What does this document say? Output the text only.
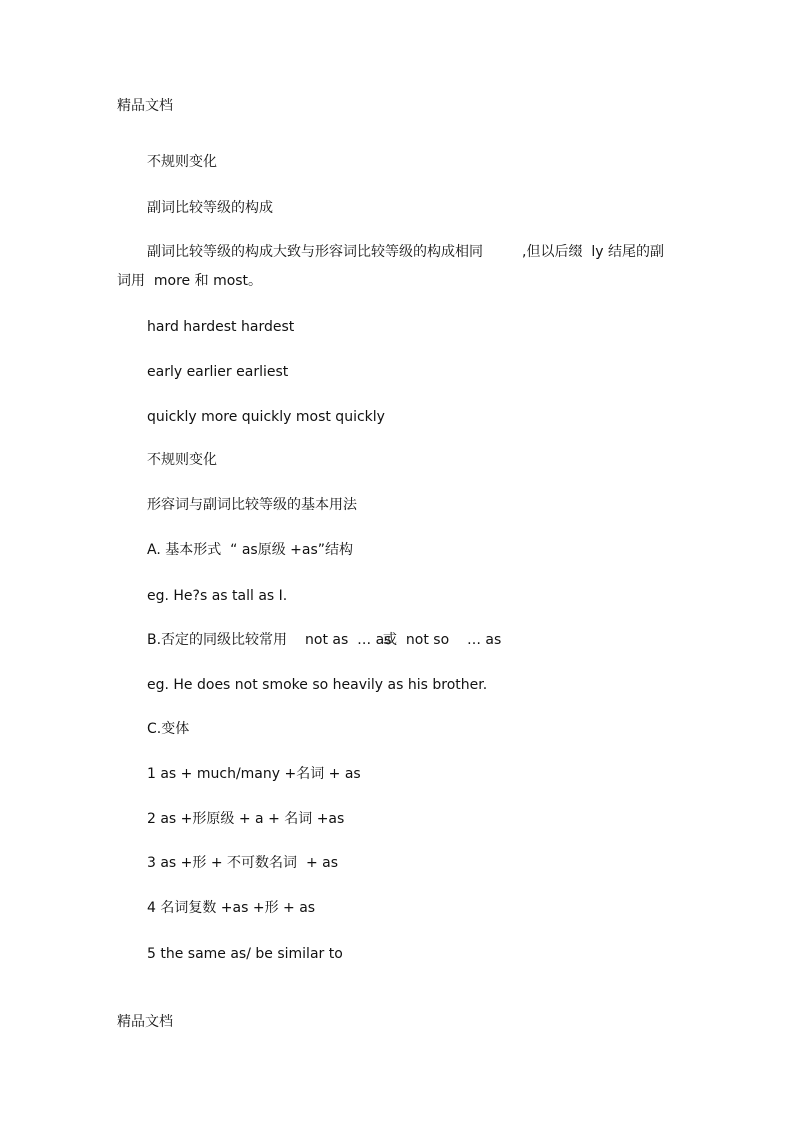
精品文档
不规则变化
副词比较等级的构成
副词比较等级的构成大致与形容词比较等级的构成相同	,但以后缀  ly 结尾的副
词用  more 和 most。
hard hardest hardest
early earlier earliest
quickly more quickly most quickly
不规则变化
形容词与副词比较等级的基本用法
A. 基本形式  “ as原级 +as”结构
eg. He?s as tall as I.
B.否定的同级比较常用 not as  … as
或  not so    … as
eg. He does not smoke so heavily as his brother.
C.变体
1 as + much/many +名词 + as
2 as +形原级 + a + 名词 +as
3 as +形 + 不可数名词  + as
4 名词复数 +as +形 + as
5 the same as/ be similar to
精品文档
